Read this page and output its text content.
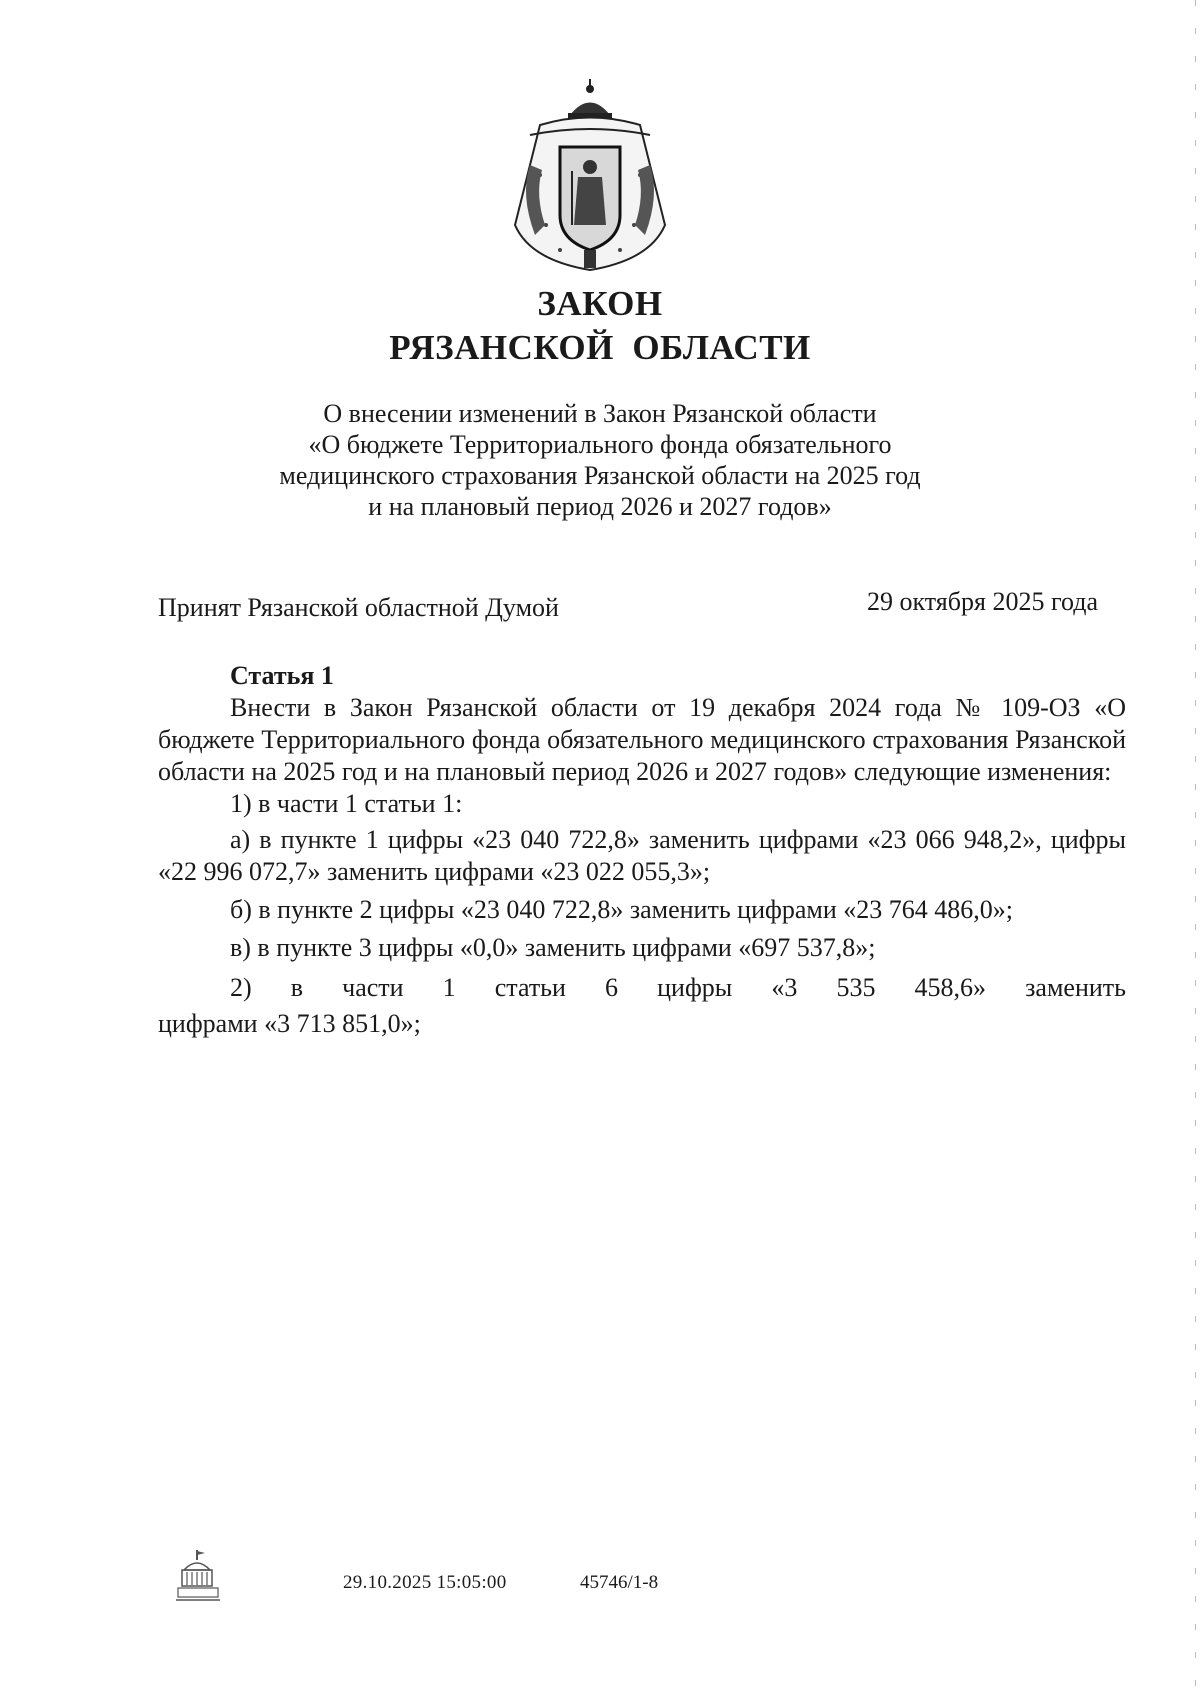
ЗАКОН
РЯЗАНСКОЙ  ОБЛАСТИ
О внесении изменений в Закон Рязанской области
«О бюджете Территориального фонда обязательного
медицинского страхования Рязанской области на 2025 год
и на плановый период 2026 и 2027 годов»
Принят Рязанской областной Думой	29 октября 2025 года
Статья 1

Внести в Закон Рязанской области от 19 декабря 2024 года № 109-ОЗ «О бюджете Территориального фонда обязательного медицинского страхования Рязанской области на 2025 год и на плановый период 2026 и 2027 годов» следующие изменения:

1) в части 1 статьи 1:

а) в пункте 1 цифры «23 040 722,8» заменить цифрами «23 066 948,2», цифры «22 996 072,7» заменить цифрами «23 022 055,3»;

б) в пункте 2 цифры «23 040 722,8» заменить цифрами «23 764 486,0»;

в) в пункте 3 цифры «0,0» заменить цифрами «697 537,8»;

2) в части 1 статьи 6 цифры «3 535 458,6» заменить

цифрами «3 713 851,0»;

29.10.2025 15:05:00	45746/1-8
